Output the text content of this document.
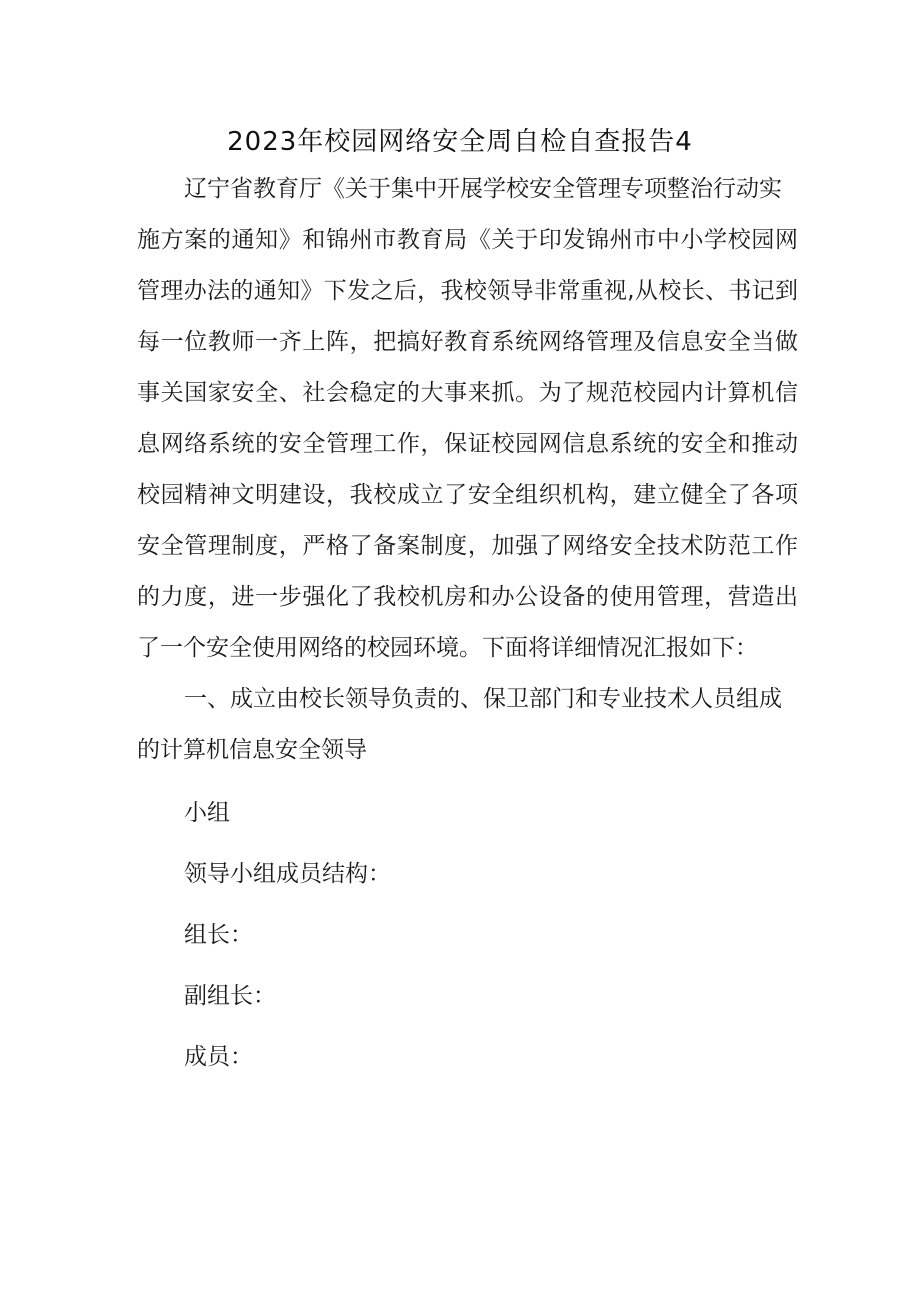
2023年校园网络安全周自检自查报告4
辽宁省教育厅《关于集中开展学校安全管理专项整治行动实
施方案的通知》和锦州市教育局《关于印发锦州市中小学校园网
管理办法的通知》下发之后，我校领导非常重视,从校长、书记到
每一位教师一齐上阵，把搞好教育系统网络管理及信息安全当做
事关国家安全、社会稳定的大事来抓。为了规范校园内计算机信
息网络系统的安全管理工作，保证校园网信息系统的安全和推动
校园精神文明建设，我校成立了安全组织机构，建立健全了各项
安全管理制度，严格了备案制度，加强了网络安全技术防范工作
的力度，进一步强化了我校机房和办公设备的使用管理，营造出
了一个安全使用网络的校园环境。下面将详细情况汇报如下：
一、成立由校长领导负责的、保卫部门和专业技术人员组成
的计算机信息安全领导
小组
领导小组成员结构：
组长：
副组长：
成员：
